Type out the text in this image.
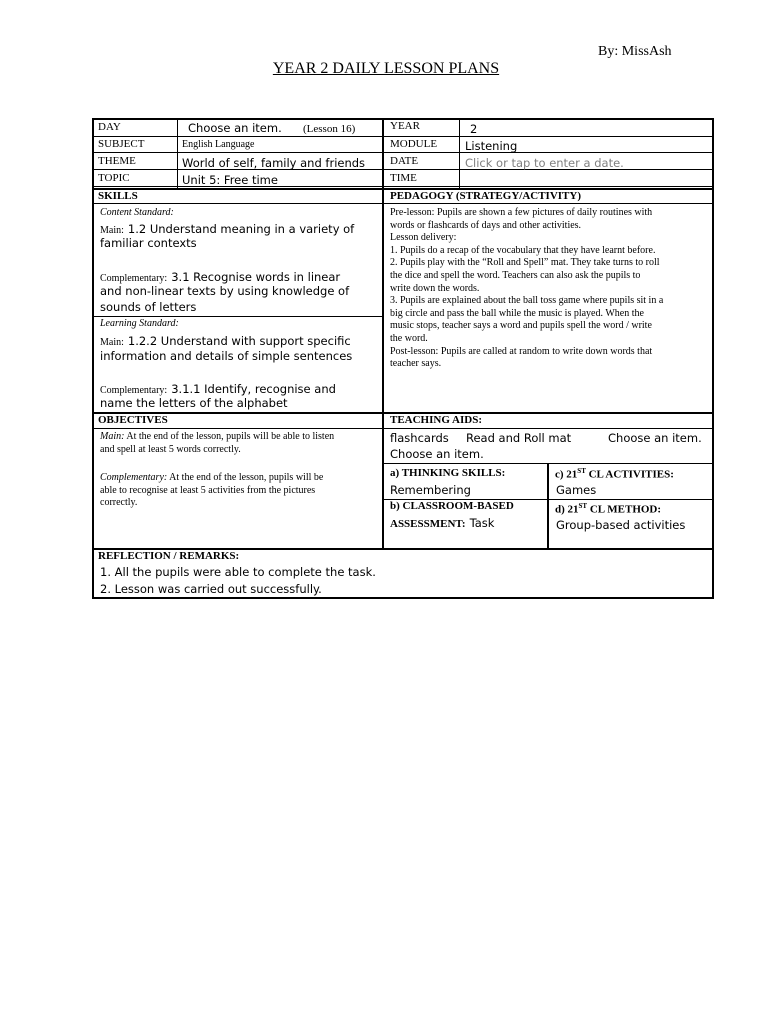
By: MissAsh
YEAR 2 DAILY LESSON PLANS
DAY	Choose an item. (Lesson 16)	YEAR	2
SUBJECT	English Language	MODULE Listening
THEME	World of self, family and friends DATE	Click or tap to enter a date.
TOPIC	Unit 5: Free time	TIME
SKILLS
Content Standard:
Main: 1.2 Understand meaning in a variety of
familiar contexts
Complementary: 3.1 Recognise words in linear
and non-linear texts by using knowledge of
sounds of letters
Learning Standard:
Main: 1.2.2 Understand with support specific
information and details of simple sentences
Complementary: 3.1.1 Identify, recognise and
name the letters of the alphabet
PEDAGOGY (STRATEGY/ACTIVITY)
Pre-lesson: Pupils are shown a few pictures of daily routines with
words or flashcards of days and other activities.
Lesson delivery:
1. Pupils do a recap of the vocabulary that they have learnt before.
2. Pupils play with the “Roll and Spell” mat. They take turns to roll
the dice and spell the word. Teachers can also ask the pupils to
write down the words.
3. Pupils are explained about the ball toss game where pupils sit in a
big circle and pass the ball while the music is played. When the
music stops, teacher says a word and pupils spell the word / write
the word.
Post-lesson: Pupils are called at random to write down words that
teacher says.
OBJECTIVES
Main: At the end of the lesson, pupils will be able to listen
and spell at least 5 words correctly.
Complementary: At the end of the lesson, pupils will be
able to recognise at least 5 activities from the pictures
correctly.
TEACHING AIDS:
flashcards Read and Roll mat	Choose an item.
Choose an item.
a) THINKING SKILLS:
Remembering
c) 21ST CL ACTIVITIES:
Games
b) CLASSROOM-BASED
ASSESSMENT: Task
d) 21ST CL METHOD:
Group-based activities
REFLECTION / REMARKS:
1. All the pupils were able to complete the task.
2. Lesson was carried out successfully.
